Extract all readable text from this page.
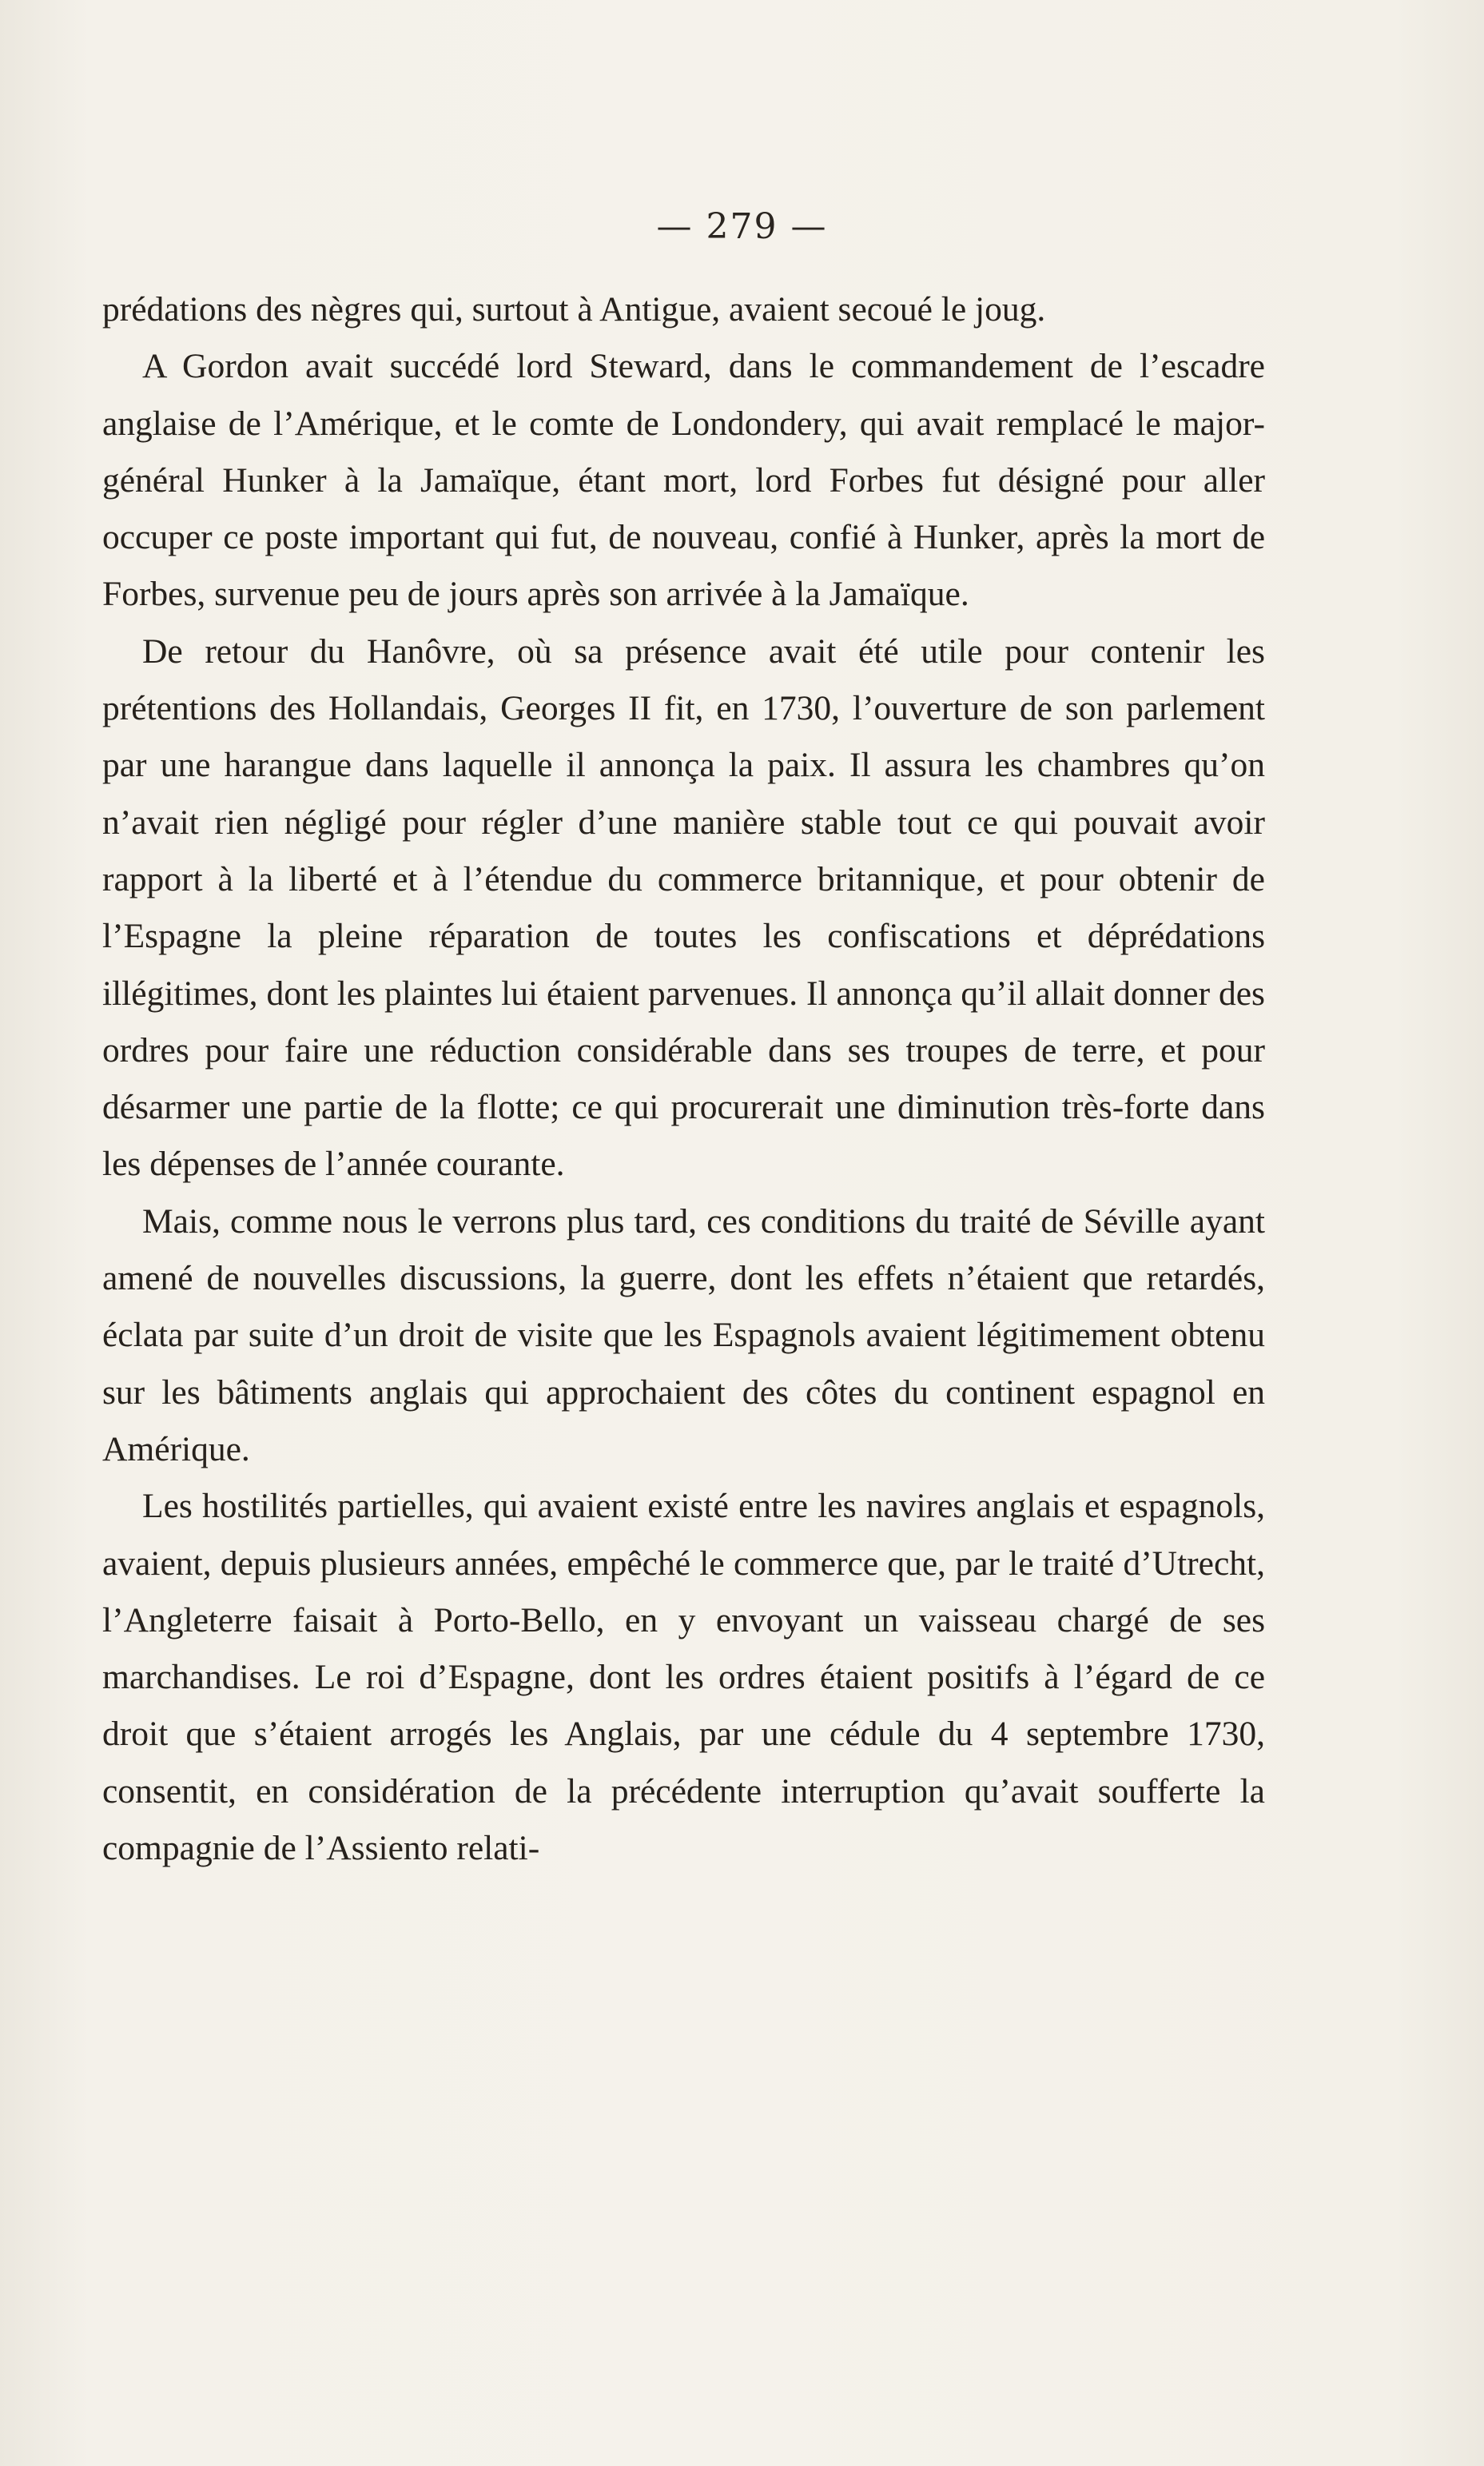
— 279 —

prédations des nègres qui, surtout à Antigue, avaient secoué le joug.

A Gordon avait succédé lord Steward, dans le commandement de l’escadre anglaise de l’Amérique, et le comte de Londondery, qui avait remplacé le major-général Hunker à la Jamaïque, étant mort, lord Forbes fut désigné pour aller occuper ce poste important qui fut, de nouveau, confié à Hunker, après la mort de Forbes, survenue peu de jours après son arrivée à la Jamaïque.

De retour du Hanôvre, où sa présence avait été utile pour contenir les prétentions des Hollandais, Georges II fit, en 1730, l’ouverture de son parlement par une harangue dans laquelle il annonça la paix. Il assura les chambres qu’on n’avait rien négligé pour régler d’une manière stable tout ce qui pouvait avoir rapport à la liberté et à l’étendue du commerce britannique, et pour obtenir de l’Espagne la pleine réparation de toutes les confiscations et déprédations illégitimes, dont les plaintes lui étaient parvenues. Il annonça qu’il allait donner des ordres pour faire une réduction considérable dans ses troupes de terre, et pour désarmer une partie de la flotte; ce qui procurerait une diminution très-forte dans les dépenses de l’année courante.

Mais, comme nous le verrons plus tard, ces conditions du traité de Séville ayant amené de nouvelles discussions, la guerre, dont les effets n’étaient que retardés, éclata par suite d’un droit de visite que les Espagnols avaient légitimement obtenu sur les bâtiments anglais qui approchaient des côtes du continent espagnol en Amérique.

Les hostilités partielles, qui avaient existé entre les navires anglais et espagnols, avaient, depuis plusieurs années, empêché le commerce que, par le traité d’Utrecht, l’Angleterre faisait à Porto-Bello, en y envoyant un vaisseau chargé de ses marchandises. Le roi d’Espagne, dont les ordres étaient positifs à l’égard de ce droit que s’étaient arrogés les Anglais, par une cédule du 4 septembre 1730, consentit, en considération de la précédente interruption qu’avait soufferte la compagnie de l’Assiento relati-
